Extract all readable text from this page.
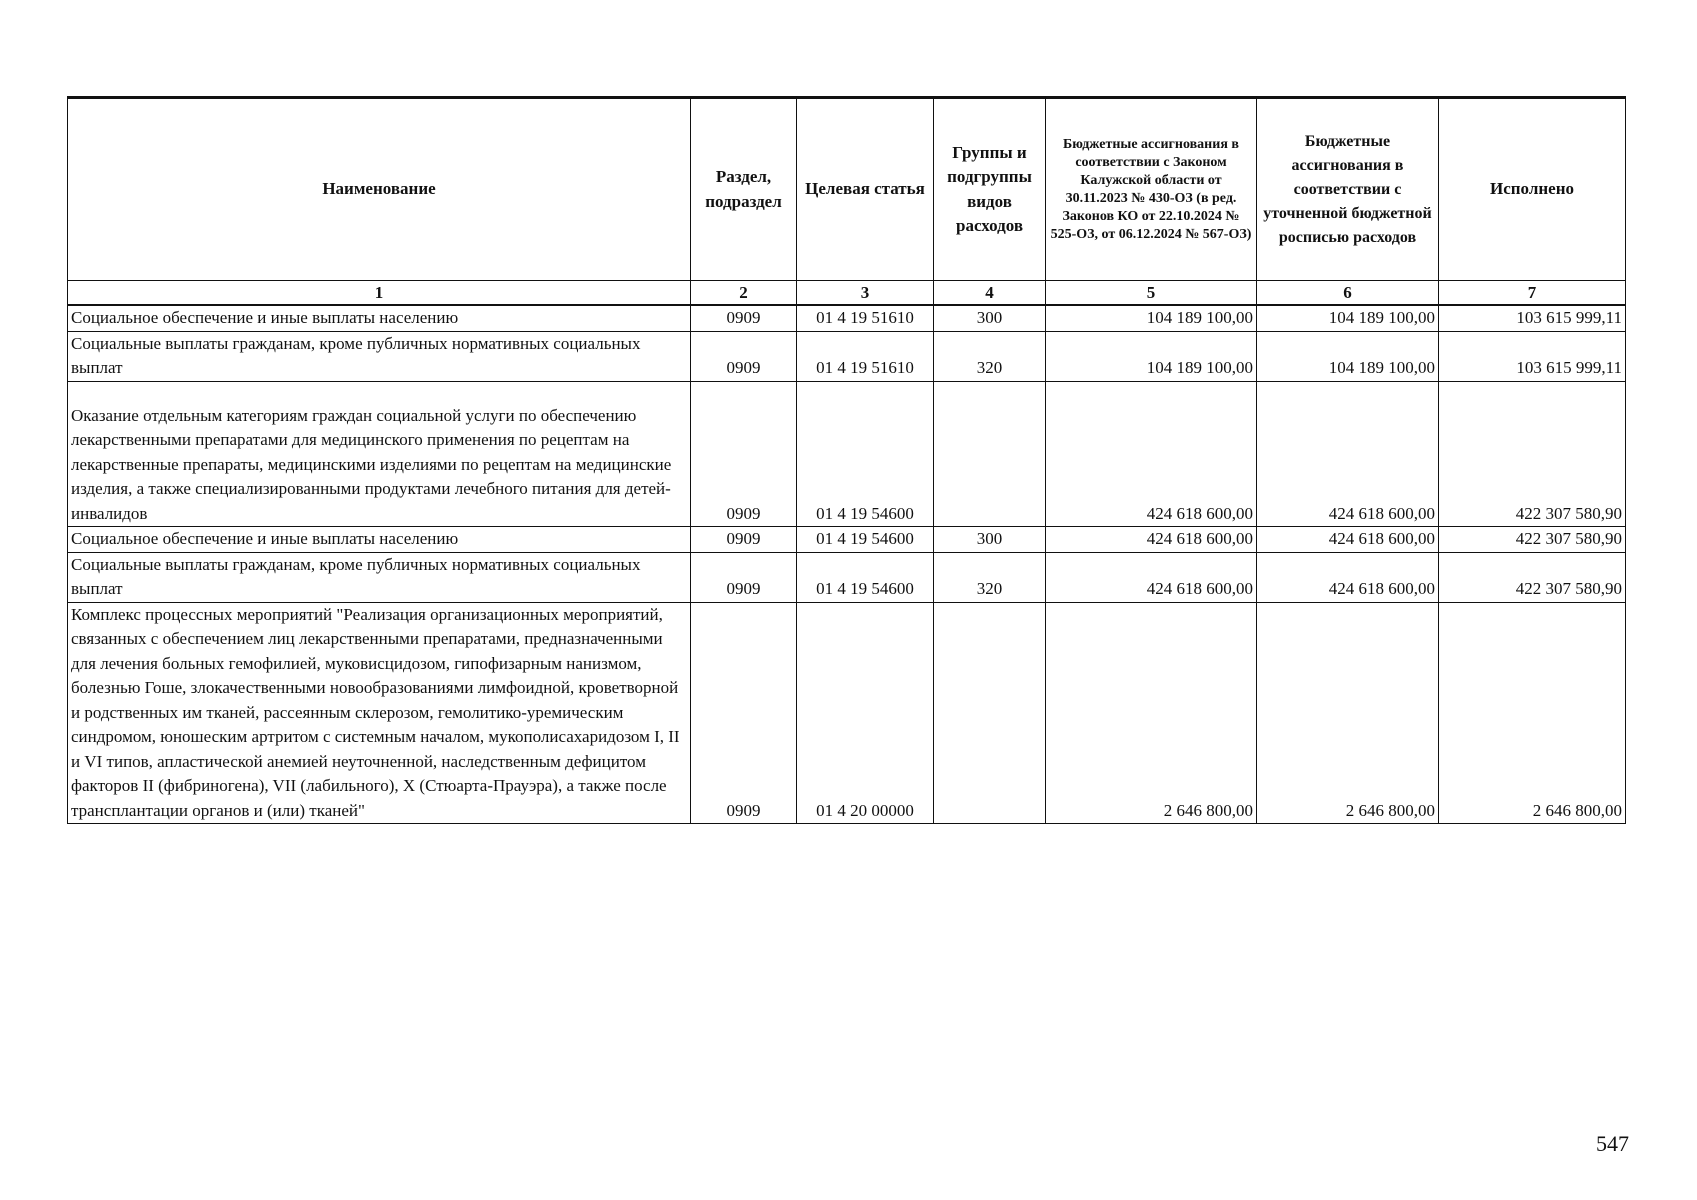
Наименование	Раздел, подраздел	Целевая статья	Группы и подгруппы видов расходов	Бюджетные ассигнования в соответствии с Законом Калужской области от 30.11.2023 № 430-ОЗ (в ред. Законов КО от 22.10.2024 № 525-ОЗ, от 06.12.2024 № 567-ОЗ)	Бюджетные ассигнования в соответствии с уточненной бюджетной росписью расходов	Исполнено
1	2	3	4	5	6	7
Социальное обеспечение и иные выплаты населению	0909	01 4 19 51610	300	104 189 100,00	104 189 100,00	103 615 999,11
Социальные выплаты гражданам, кроме публичных нормативных социальных выплат	0909	01 4 19 51610	320	104 189 100,00	104 189 100,00	103 615 999,11
Оказание отдельным категориям граждан социальной услуги по обеспечению лекарственными препаратами для медицинского применения по рецептам на лекарственные препараты, медицинскими изделиями по рецептам на медицинские изделия, а также специализированными продуктами лечебного питания для детей-инвалидов	0909	01 4 19 54600		424 618 600,00	424 618 600,00	422 307 580,90
Социальное обеспечение и иные выплаты населению	0909	01 4 19 54600	300	424 618 600,00	424 618 600,00	422 307 580,90
Социальные выплаты гражданам, кроме публичных нормативных социальных выплат	0909	01 4 19 54600	320	424 618 600,00	424 618 600,00	422 307 580,90
Комплекс процессных мероприятий "Реализация организационных мероприятий, связанных с обеспечением лиц лекарственными препаратами, предназначенными для лечения больных гемофилией, муковисцидозом, гипофизарным нанизмом, болезнью Гоше, злокачественными новообразованиями лимфоидной, кроветворной и родственных им тканей, рассеянным склерозом, гемолитико-уремическим синдромом, юношеским артритом с системным началом, мукополисахаридозом I, II и VI типов, апластической анемией неуточненной, наследственным дефицитом факторов II (фибриногена), VII (лабильного), X (Стюарта-Прауэра), а также после трансплантации органов и (или) тканей"	0909	01 4 20 00000		2 646 800,00	2 646 800,00	2 646 800,00
547
